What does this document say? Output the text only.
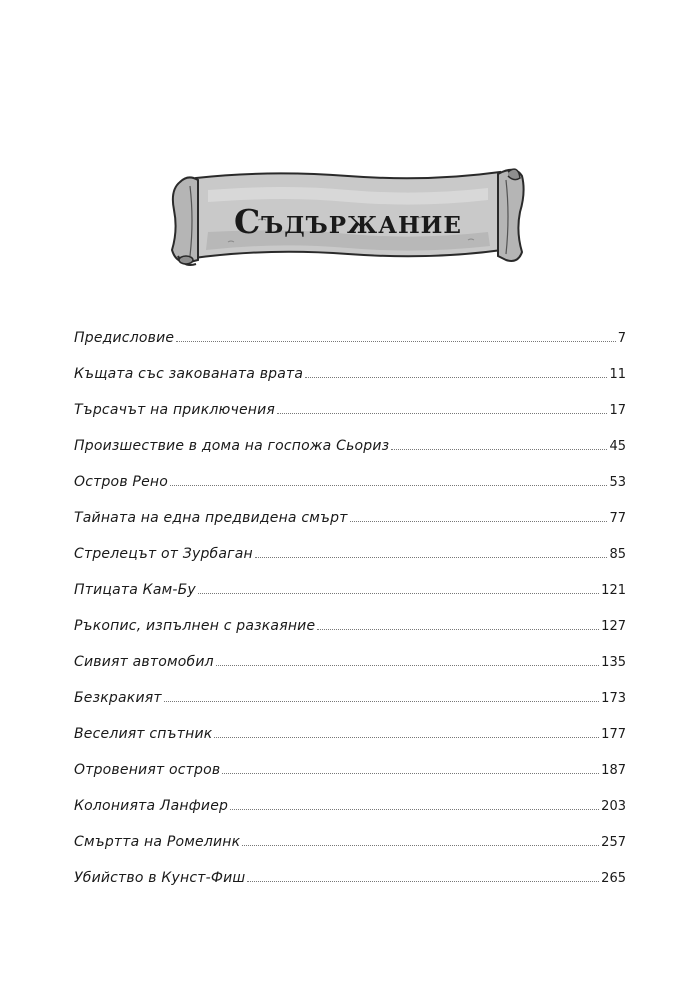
Съдържание
Предисловие	7
Къщата със закованата врата	11
Търсачът на приключения	17
Произшествие в дома на госпожа Сьориз	45
Остров Рено	53
Тайната на една предвидена смърт	77
Стрелецът от Зурбаган	85
Птицата Кам-Бу	121
Ръкопис, изпълнен с разкаяние	127
Сивият автомобил	135
Безкракият	173
Веселият спътник	177
Отровеният остров	187
Колонията Ланфиер	203
Смъртта на Ромелинк	257
Убийство в Кунст-Фиш	265
